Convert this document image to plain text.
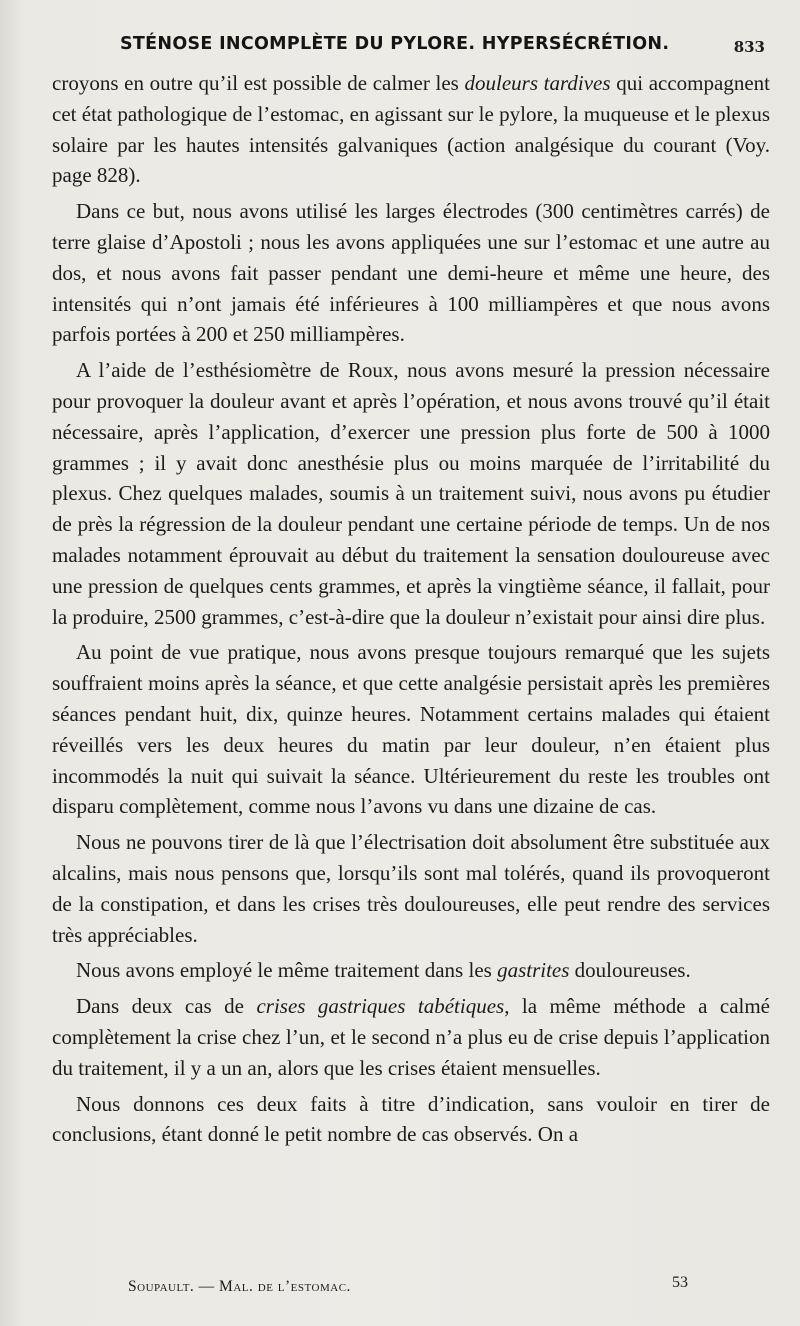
STÉNOSE INCOMPLÈTE DU PYLORE. HYPERSÉCRÉTION.	833

croyons en outre qu’il est possible de calmer les douleurs tardives qui accompagnent cet état pathologique de l’estomac, en agissant sur le pylore, la muqueuse et le plexus solaire par les hautes intensités galvaniques (action analgésique du courant (Voy. page 828).

Dans ce but, nous avons utilisé les larges électrodes (300 centimètres carrés) de terre glaise d’Apostoli ; nous les avons appliquées une sur l’estomac et une autre au dos, et nous avons fait passer pendant une demi-heure et même une heure, des intensités qui n’ont jamais été inférieures à 100 milliampères et que nous avons parfois portées à 200 et 250 milliampères.

A l’aide de l’esthésiomètre de Roux, nous avons mesuré la pression nécessaire pour provoquer la douleur avant et après l’opération, et nous avons trouvé qu’il était nécessaire, après l’application, d’exercer une pression plus forte de 500 à 1000 grammes ; il y avait donc anesthésie plus ou moins marquée de l’irritabilité du plexus. Chez quelques malades, soumis à un traitement suivi, nous avons pu étudier de près la régression de la douleur pendant une certaine période de temps. Un de nos malades notamment éprouvait au début du traitement la sensation douloureuse avec une pression de quelques cents grammes, et après la vingtième séance, il fallait, pour la produire, 2500 grammes, c’est-à-dire que la douleur n’existait pour ainsi dire plus.

Au point de vue pratique, nous avons presque toujours remarqué que les sujets souffraient moins après la séance, et que cette analgésie persistait après les premières séances pendant huit, dix, quinze heures. Notamment certains malades qui étaient réveillés vers les deux heures du matin par leur douleur, n’en étaient plus incommodés la nuit qui suivait la séance. Ultérieurement du reste les troubles ont disparu complètement, comme nous l’avons vu dans une dizaine de cas.

Nous ne pouvons tirer de là que l’électrisation doit absolument être substituée aux alcalins, mais nous pensons que, lorsqu’ils sont mal tolérés, quand ils provoqueront de la constipation, et dans les crises très douloureuses, elle peut rendre des services très appréciables.

Nous avons employé le même traitement dans les gastrites douloureuses.

Dans deux cas de crises gastriques tabétiques, la même méthode a calmé complètement la crise chez l’un, et le second n’a plus eu de crise depuis l’application du traitement, il y a un an, alors que les crises étaient mensuelles.

Nous donnons ces deux faits à titre d’indication, sans vouloir en tirer de conclusions, étant donné le petit nombre de cas observés. On a

Soupault. — Mal. de l’estomac.	53
